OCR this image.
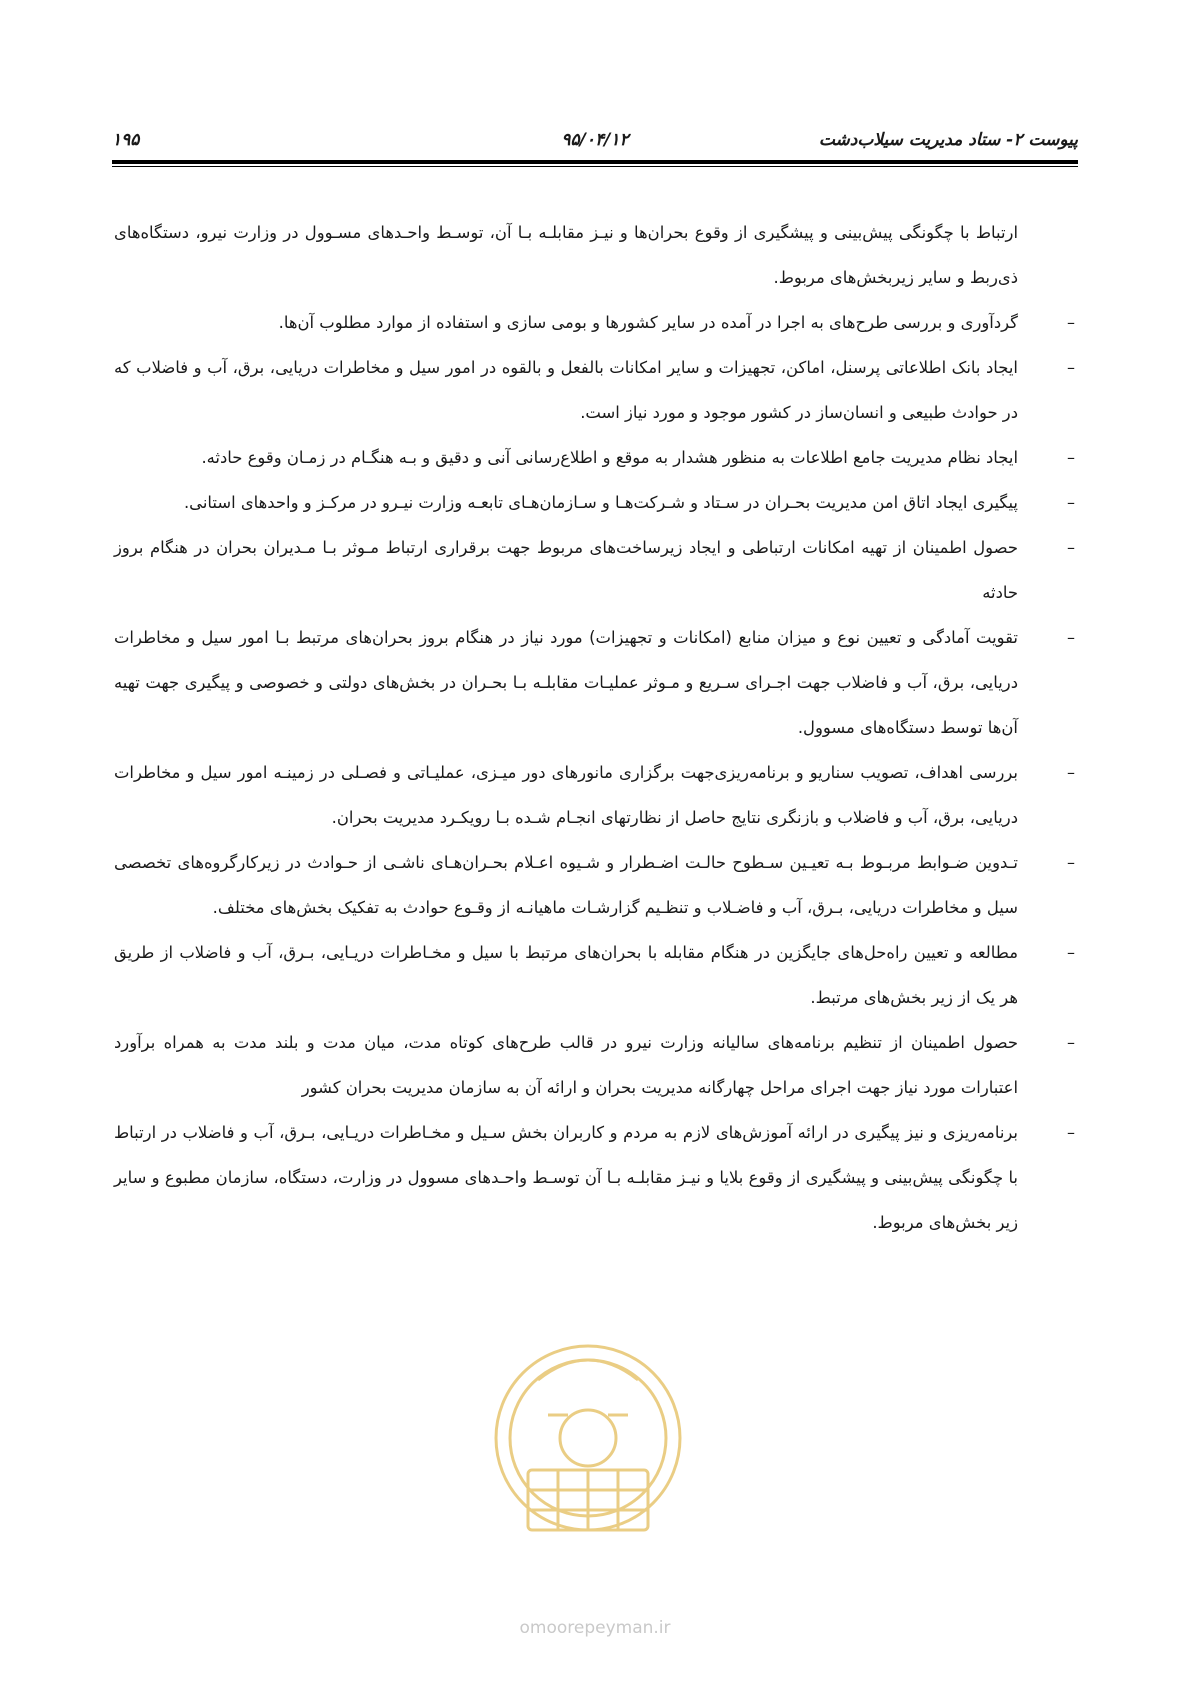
پیوست ۲- ستاد مدیریت سیلاب‌دشت
۹۵/۰۴/۱۲
۱۹۵

ارتباط با چگونگی پیش‌بینی و پیشگیری از وقوع بحران‌ها و نیـز مقابلـه بـا آن، توسـط واحـدهای مسـوول در وزارت نیرو، دستگاه‌های ذی‌ربط و سایر زیربخش‌های مربوط.

–
گردآوری و بررسی طرح‌های به اجرا در آمده در سایر کشورها و بومی سازی و استفاده از موارد مطلوب آن‌ها.
–
ایجاد بانک اطلاعاتی پرسنل، اماکن، تجهیزات و سایر امکانات بالفعل و بالقوه در امور سیل و مخاطرات دریایی، برق، آب و فاضلاب که در حوادث طبیعی و انسان‌ساز در کشور موجود و مورد نیاز است.
–
ایجاد نظام مدیریت جامع اطلاعات به منظور هشدار به موقع و اطلاع‌رسانی آنی و دقیق و بـه هنگـام در زمـان وقوع حادثه.
–
پیگیری ایجاد اتاق امن مدیریت بحـران در سـتاد و شـرکت‌هـا و سـازمان‌هـای تابعـه وزارت نیـرو در مرکـز و واحدهای استانی.
–
حصول اطمینان از تهیه امکانات ارتباطی و ایجاد زیرساخت‌های مربوط جهت برقراری ارتباط مـوثر بـا مـدیران بحران در هنگام بروز حادثه
–
تقویت آمادگی و تعیین نوع و میزان منابع (امکانات و تجهیزات) مورد نیاز در هنگام بروز بحران‌های مرتبط بـا امور سیل و مخاطرات دریایی، برق، آب و فاضلاب جهت اجـرای سـریع و مـوثر عملیـات مقابلـه بـا بحـران در بخش‌های دولتی و خصوصی و پیگیری جهت تهیه آن‌ها توسط دستگاه‌های مسوول.
–
بررسی اهداف، تصویب سناریو و برنامه‌ریزی‌جهت برگزاری مانورهای دور میـزی، عملیـاتی و فصـلی در زمینـه امور سیل و مخاطرات دریایی، برق، آب و فاضلاب و بازنگری نتایج حاصل از نظارتهای انجـام شـده بـا رویکـرد مدیریت بحران.
–
تـدوین ضـوابط مربـوط بـه تعیـین سـطوح حالـت اضـطرار و شـیوه اعـلام بحـران‌هـای ناشـی از حـوادث در زیرکارگروه‌های تخصصی سیل و مخاطرات دریایی، بـرق، آب و فاضـلاب و تنظـیم گزارشـات ماهیانـه از وقـوع حوادث به تفکیک بخش‌های مختلف.
–
مطالعه و تعیین راه‌حل‌های جایگزین در هنگام مقابله با بحران‌های مرتبط با سیل و مخـاطرات دریـایی، بـرق، آب و فاضلاب از طریق هر یک از زیر بخش‌های مرتبط.
–
حصول اطمینان از تنظیم برنامه‌های سالیانه وزارت نیرو در قالب طرح‌های کوتاه مدت، میان مدت و بلند مدت به همراه برآورد اعتبارات مورد نیاز جهت اجرای مراحل چهارگانه مدیریت بحران و ارائه آن به سازمان مدیریت بحران کشور
–
برنامه‌ریزی و نیز پیگیری در ارائه آموزش‌های لازم به مردم و کاربران بخش سـیل و مخـاطرات دریـایی، بـرق، آب و فاضلاب در ارتباط با چگونگی پیش‌بینی و پیشگیری از وقوع بلایا و نیـز مقابلـه بـا آن توسـط واحـدهای مسوول در وزارت، دستگاه، سازمان مطبوع و سایر زیر بخش‌های مربوط.
omoorepeyman.ir
